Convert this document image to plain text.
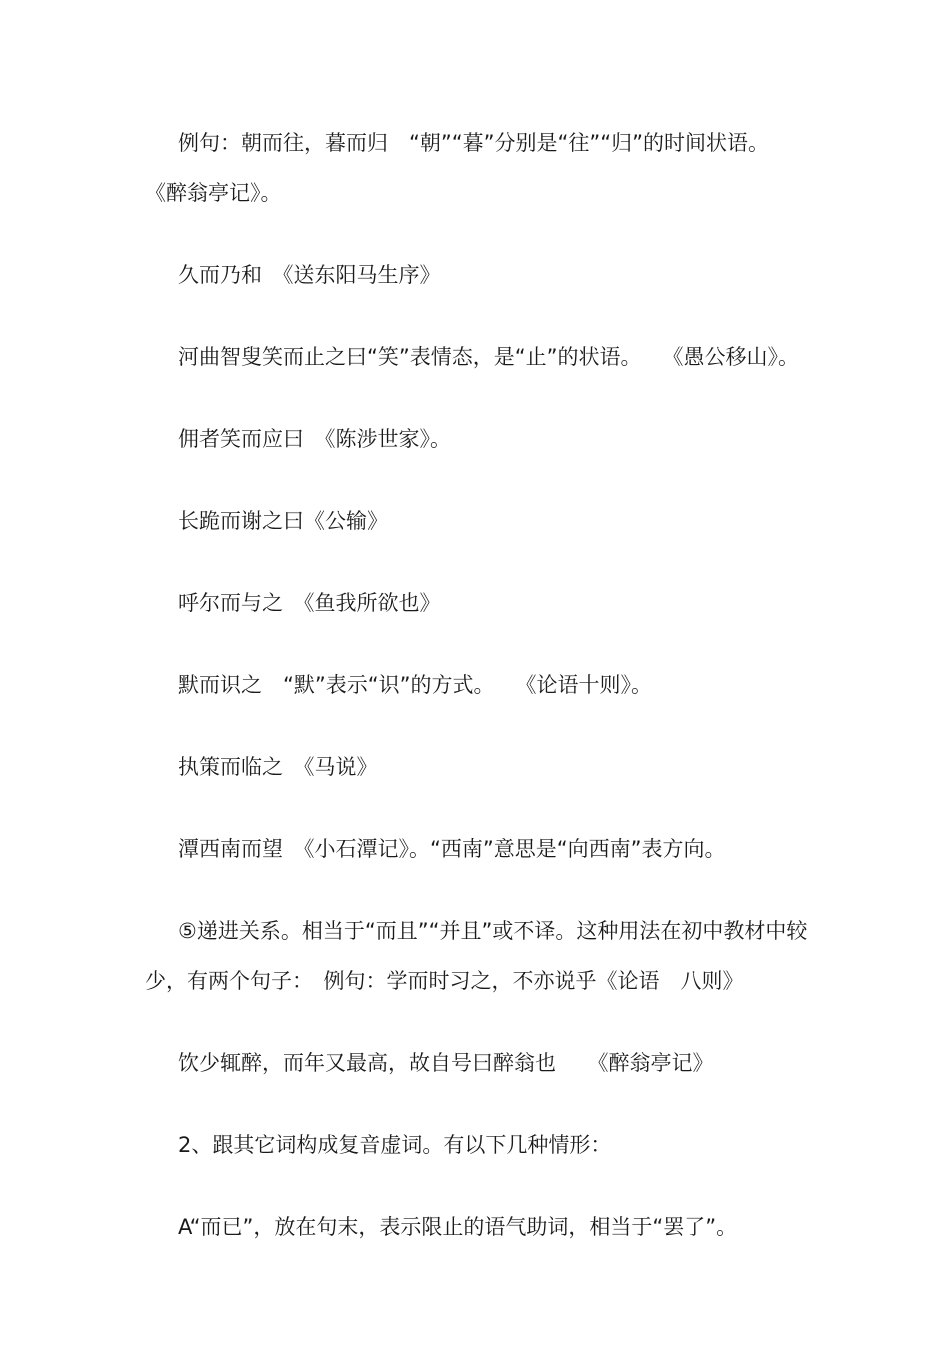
例句：朝而往，暮而归　“朝”“暮”分别是“往”“归”的时间状语。　《醉翁亭记》。

久而乃和　《送东阳马生序》

河曲智叟笑而止之曰“笑”表情态，是“止”的状语。　　《愚公移山》。

佣者笑而应曰　《陈涉世家》。

长跪而谢之曰《公输》

呼尔而与之　《鱼我所欲也》

默而识之　“默”表示“识”的方式。　　《论语十则》。

执策而临之　《马说》

潭西南而望　《小石潭记》。“西南”意思是“向西南”表方向。

⑤递进关系。相当于“而且”“并且”或不译。这种用法在初中教材中较少，有两个句子：　例句：学而时习之，不亦说乎《论语　八则》

饮少辄醉，而年又最高，故自号曰醉翁也　　《醉翁亭记》

2、跟其它词构成复音虚词。有以下几种情形：

A“而已”，放在句末，表示限止的语气助词，相当于“罢了”。
